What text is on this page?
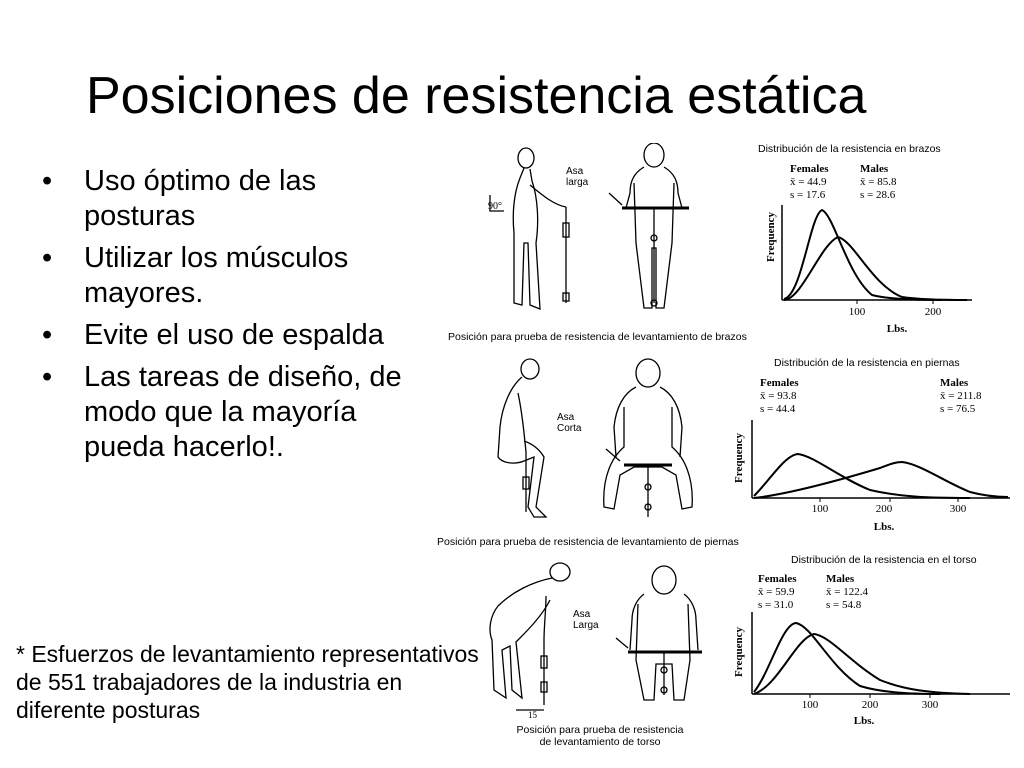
Posiciones de resistencia estática
• Uso óptimo de las posturas
• Utilizar los músculos mayores.
• Evite el uso de espalda
• Las tareas de diseño, de modo que la mayoría pueda hacerlo!.
* Esfuerzos de levantamiento representativos de 551 trabajadores de la industria en diferente posturas
Distribución de la resistencia en brazos
Females
x̄ = 44.9
s = 17.6
Males
x̄ = 85.8
s = 28.6
100	200
Lbs.
Frequency
90°
Asa
larga
Posición para prueba de resistencia de levantamiento de brazos
Distribución de la resistencia en piernas
Females
x̄ = 93.8
s = 44.4
Males
x̄ = 211.8
s = 76.5
100	200	300
Lbs.
Frequency
Asa
Corta
Posición para prueba de resistencia de levantamiento de piernas
Distribución de la resistencia en el torso
Females
x̄ = 59.9
s = 31.0
Males
x̄ = 122.4
s = 54.8
100	200	300
Lbs.
Frequency
15
Asa
Larga
Posición para prueba de resistencia
de levantamiento de torso
